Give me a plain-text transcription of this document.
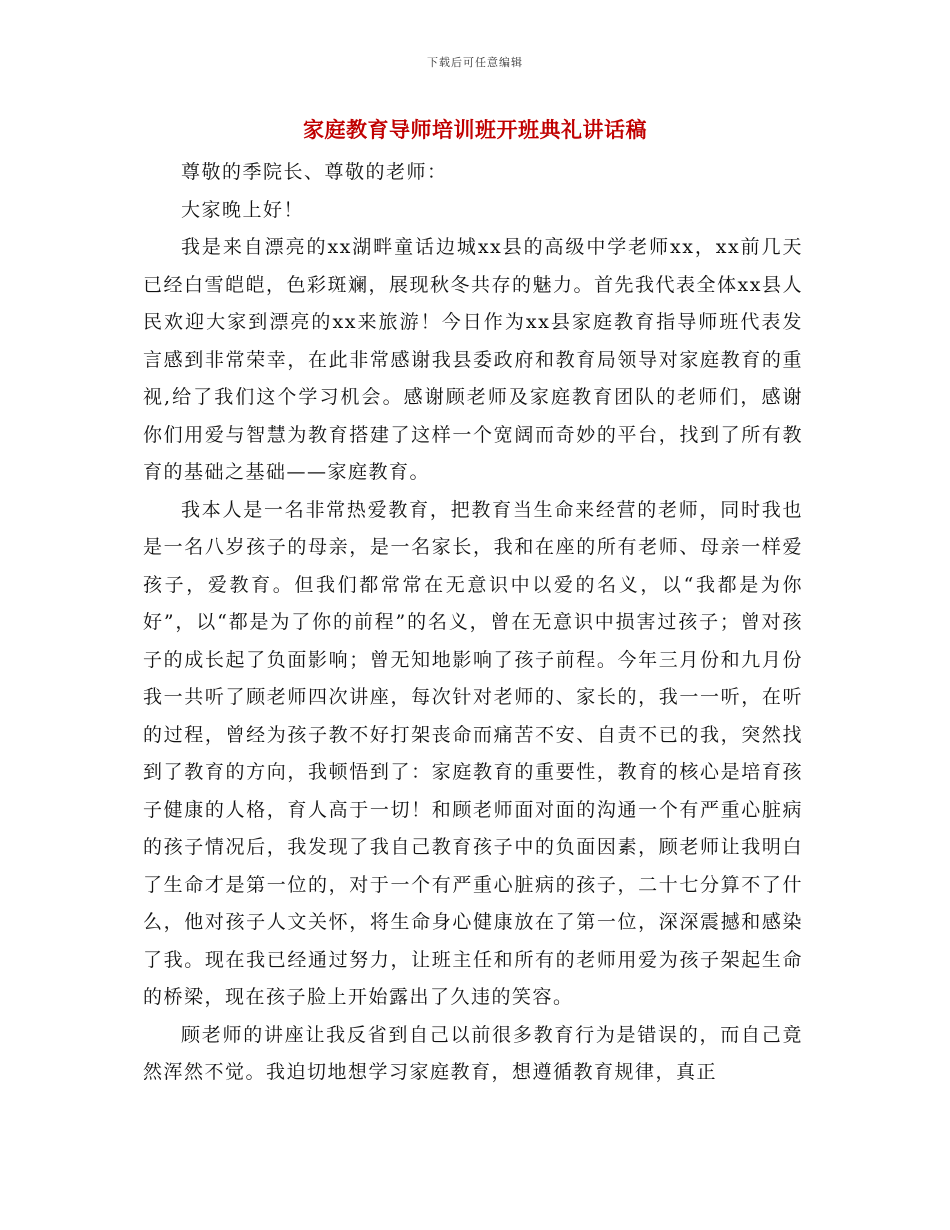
下载后可任意编辑
家庭教育导师培训班开班典礼讲话稿

尊敬的季院长、尊敬的老师：

大家晚上好！

我是来自漂亮的xx湖畔童话边城xx县的高级中学老师xx，xx前几天已经白雪皑皑，色彩斑斓，展现秋冬共存的魅力。首先我代表全体xx县人民欢迎大家到漂亮的xx来旅游！今日作为xx县家庭教育指导师班代表发言感到非常荣幸，在此非常感谢我县委政府和教育局领导对家庭教育的重视,给了我们这个学习机会。感谢顾老师及家庭教育团队的老师们，感谢你们用爱与智慧为教育搭建了这样一个宽阔而奇妙的平台，找到了所有教育的基础之基础——家庭教育。

我本人是一名非常热爱教育，把教育当生命来经营的老师，同时我也是一名八岁孩子的母亲，是一名家长，我和在座的所有老师、母亲一样爱孩子，爱教育。但我们都常常在无意识中以爱的名义，以“我都是为你好”，以“都是为了你的前程”的名义，曾在无意识中损害过孩子；曾对孩子的成长起了负面影响；曾无知地影响了孩子前程。今年三月份和九月份我一共听了顾老师四次讲座，每次针对老师的、家长的，我一一听，在听的过程，曾经为孩子教不好打架丧命而痛苦不安、自责不已的我，突然找到了教育的方向，我顿悟到了：家庭教育的重要性，教育的核心是培育孩子健康的人格，育人高于一切！和顾老师面对面的沟通一个有严重心脏病的孩子情况后，我发现了我自己教育孩子中的负面因素，顾老师让我明白了生命才是第一位的，对于一个有严重心脏病的孩子，二十七分算不了什么，他对孩子人文关怀，将生命身心健康放在了第一位，深深震撼和感染了我。现在我已经通过努力，让班主任和所有的老师用爱为孩子架起生命的桥梁，现在孩子脸上开始露出了久违的笑容。

顾老师的讲座让我反省到自己以前很多教育行为是错误的，而自己竟然浑然不觉。我迫切地想学习家庭教育，想遵循教育规律，真正
